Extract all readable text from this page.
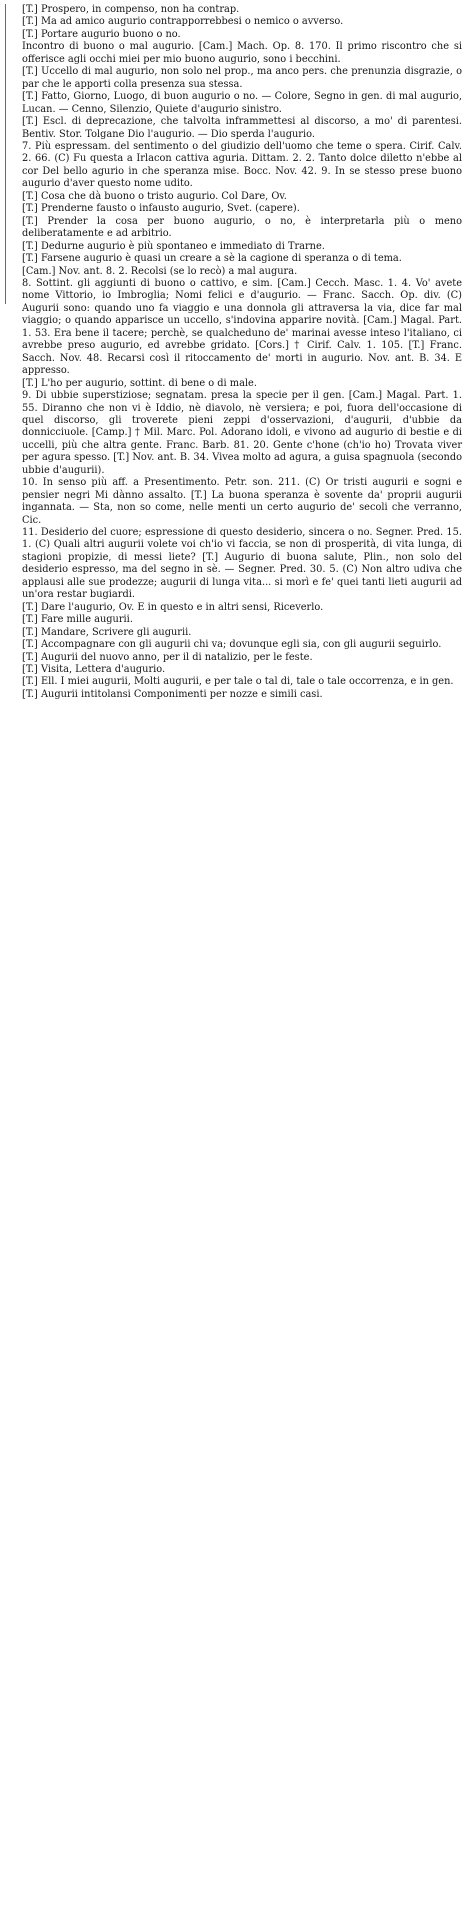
[T.] Prospero, in compenso, non ha contrap.
[T.] Ma ad amico augurio contrapporrebbesi o nemico o avverso.
[T.] Portare augurio buono o no.
Incontro di buono o mal augurio. [Cam.] Mach. Op. 8. 170. Il primo riscontro che si offerisce agli occhi miei per mio buono augurio, sono i becchini.
[T.] Uccello di mal augurio, non solo nel prop., ma anco pers. che prenunzia disgrazie, o par che le apporti colla presenza sua stessa.
[T.] Fatto, Giorno, Luogo, di buon augurio o no. — Colore, Segno in gen. di mal augurio, Lucan. — Cenno, Silenzio, Quiete d'augurio sinistro.
[T.] Escl. di deprecazione, che talvolta inframmettesi al discorso, a mo' di parentesi. Bentiv. Stor. Tolgane Dio l'augurio. — Dio sperda l'augurio.
7. Più espressam. del sentimento o del giudizio dell'uomo che teme o spera. Cirif. Calv. 2. 66. (C) Fu questa a Irlacon cattiva aguria. Dittam. 2. 2. Tanto dolce diletto n'ebbe al cor Del bello agurio in che speranza mise. Bocc. Nov. 42. 9. In se stesso prese buono augurio d'aver questo nome udito.
[T.] Cosa che dà buono o tristo augurio. Col Dare, Ov.
[T.] Prenderne fausto o infausto augurio, Svet. (capere).
[T.] Prender la cosa per buono augurio, o no, è interpretarla più o meno deliberatamente e ad arbitrio.
[T.] Dedurne augurio è più spontaneo e immediato di Trarne.
[T.] Farsene augurio è quasi un creare a sè la cagione di speranza o di tema.
[Cam.] Nov. ant. 8. 2. Recolsi (se lo recò) a mal augura.
8. Sottint. gli aggiunti di buono o cattivo, e sim. [Cam.] Cecch. Masc. 1. 4. Vo' avete nome Vittorio, io Imbroglia; Nomi felici e d'augurio. — Franc. Sacch. Op. div. (C) Augurii sono: quando uno fa viaggio e una donnola gli attraversa la via, dice far mal viaggio; o quando apparisce un uccello, s'indovina apparire novità. [Cam.] Magal. Part. 1. 53. Era bene il tacere; perchè, se qualcheduno de' marinai avesse inteso l'italiano, ci avrebbe preso augurio, ed avrebbe gridato. [Cors.] † Cirif. Calv. 1. 105. [T.] Franc. Sacch. Nov. 48. Recarsi così il ritoccamento de' morti in augurio. Nov. ant. B. 34. E appresso.
[T.] L'ho per augurio, sottint. di bene o di male.
9. Di ubbie superstiziose; segnatam. presa la specie per il gen. [Cam.] Magal. Part. 1. 55. Diranno che non vi è Iddio, nè diavolo, nè versiera; e poi, fuora dell'occasione di quel discorso, gli troverete pieni zeppi d'osservazioni, d'augurii, d'ubbie da donnicciuole. [Camp.] † Mil. Marc. Pol. Adorano idoli, e vivono ad augurio di bestie e di uccelli, più che altra gente. Franc. Barb. 81. 20. Gente c'hone (ch'io ho) Trovata viver per agura spesso. [T.] Nov. ant. B. 34. Vivea molto ad agura, a guisa spagnuola (secondo ubbie d'augurii).
10. In senso più aff. a Presentimento. Petr. son. 211. (C) Or tristi augurii e sogni e pensier negri Mi dànno assalto. [T.] La buona speranza è sovente da' proprii augurii ingannata. — Sta, non so come, nelle menti un certo augurio de' secoli che verranno, Cic.
11. Desiderio del cuore; espressione di questo desiderio, sincera o no. Segner. Pred. 15. 1. (C) Quali altri augurii volete voi ch'io vi faccia, se non di prosperità, di vita lunga, di stagioni propizie, di messi liete? [T.] Augurio di buona salute, Plin., non solo del desiderio espresso, ma del segno in sè. — Segner. Pred. 30. 5. (C) Non altro udiva che applausi alle sue prodezze; augurii di lunga vita... si morì e fe' quei tanti lieti augurii ad un'ora restar bugiardi.
[T.] Dare l'augurio, Ov. E in questo e in altri sensi, Riceverlo.
[T.] Fare mille augurii.
[T.] Mandare, Scrivere gli augurii.
[T.] Accompagnare con gli augurii chi va; dovunque egli sia, con gli augurii seguirlo.
[T.] Augurii del nuovo anno, per il di natalizio, per le feste.
[T.] Visita, Lettera d'augurio.
[T.] Ell. I miei augurii, Molti augurii, e per tale o tal di, tale o tale occorrenza, e in gen.
[T.] Augurii intitolansi Componimenti per nozze e simili casi.
